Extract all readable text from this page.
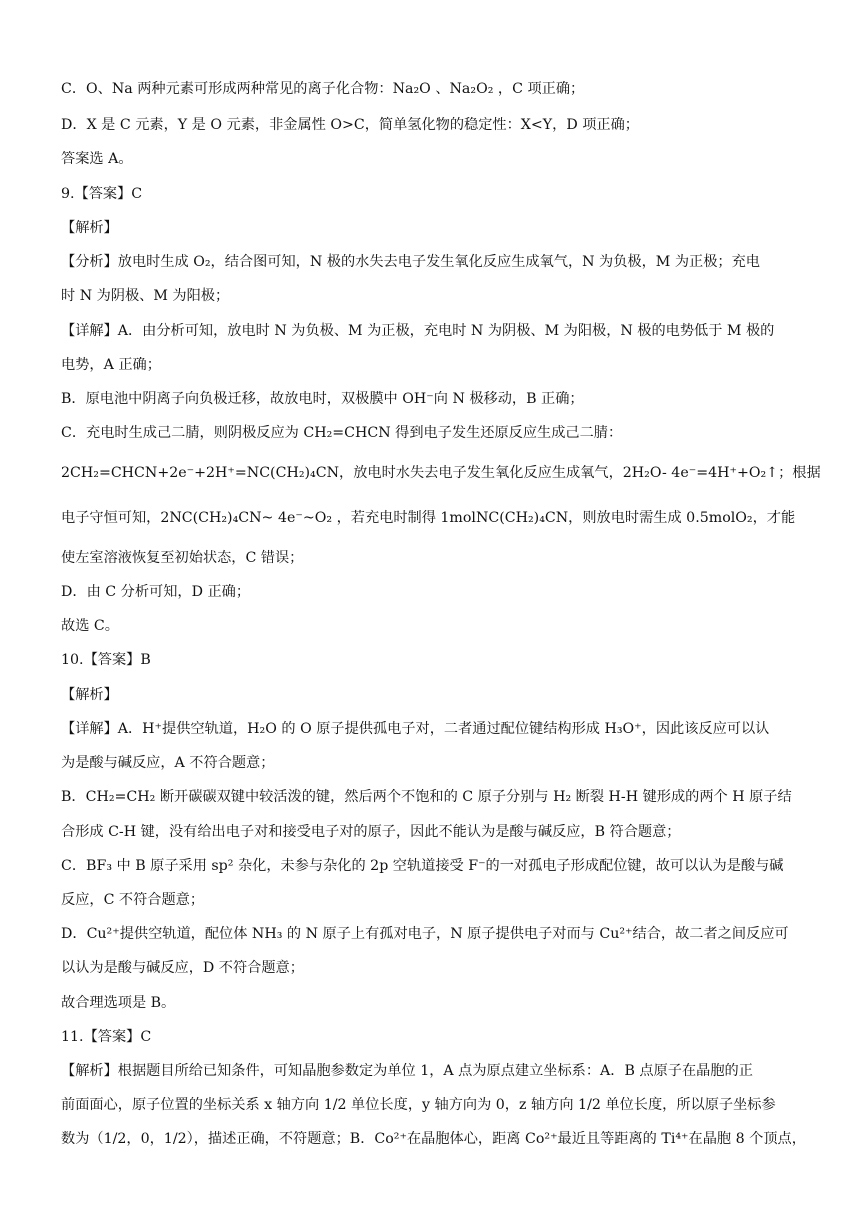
C．O、Na 两种元素可形成两种常见的离子化合物：Na₂O 、Na₂O₂ ，C 项正确；
D．X 是 C 元素，Y 是 O 元素，非金属性 O>C，简单氢化物的稳定性：X<Y，D 项正确；
答案选 A。
9.【答案】C
【解析】
【分析】放电时生成 O₂，结合图可知，N 极的水失去电子发生氧化反应生成氧气，N 为负极，M 为正极；充电
时 N 为阴极、M 为阳极；
【详解】A．由分析可知，放电时 N 为负极、M 为正极，充电时 N 为阴极、M 为阳极，N 极的电势低于 M 极的
电势，A 正确；
B．原电池中阴离子向负极迁移，故放电时，双极膜中 OH⁻向 N 极移动，B 正确；
C．充电时生成己二腈，则阴极反应为 CH₂=CHCN 得到电子发生还原反应生成己二腈：
2CH₂=CHCN+2e⁻+2H⁺=NC(CH₂)₄CN，放电时水失去电子发生氧化反应生成氧气，2H₂O- 4e⁻=4H⁺+O₂↑；根据
电子守恒可知，2NC(CH₂)₄CN~ 4e⁻~O₂ ，若充电时制得 1molNC(CH₂)₄CN，则放电时需生成 0.5molO₂，才能
使左室溶液恢复至初始状态，C 错误；
D．由 C 分析可知，D 正确；
故选 C。
10.【答案】B
【解析】
【详解】A．H⁺提供空轨道，H₂O 的 O 原子提供孤电子对，二者通过配位键结构形成 H₃O⁺，因此该反应可以认
为是酸与碱反应，A 不符合题意；
B．CH₂=CH₂ 断开碳碳双键中较活泼的键，然后两个不饱和的 C 原子分别与 H₂ 断裂 H-H 键形成的两个 H 原子结
合形成 C-H 键，没有给出电子对和接受电子对的原子，因此不能认为是酸与碱反应，B 符合题意；
C．BF₃ 中 B 原子采用 sp² 杂化，未参与杂化的 2p 空轨道接受 F⁻的一对孤电子形成配位键，故可以认为是酸与碱
反应，C 不符合题意；
D．Cu²⁺提供空轨道，配位体 NH₃ 的 N 原子上有孤对电子，N 原子提供电子对而与 Cu²⁺结合，故二者之间反应可
以认为是酸与碱反应，D 不符合题意；
故合理选项是 B。
11.【答案】C
【解析】根据题目所给已知条件，可知晶胞参数定为单位 1，A 点为原点建立坐标系：A．B 点原子在晶胞的正
前面面心，原子位置的坐标关系 x 轴方向 1/2 单位长度，y 轴方向为 0，z 轴方向 1/2 单位长度，所以原子坐标参
数为（1/2，0，1/2），描述正确，不符题意；B．Co²⁺在晶胞体心，距离 Co²⁺最近且等距离的 Ti⁴⁺在晶胞 8 个顶点，
